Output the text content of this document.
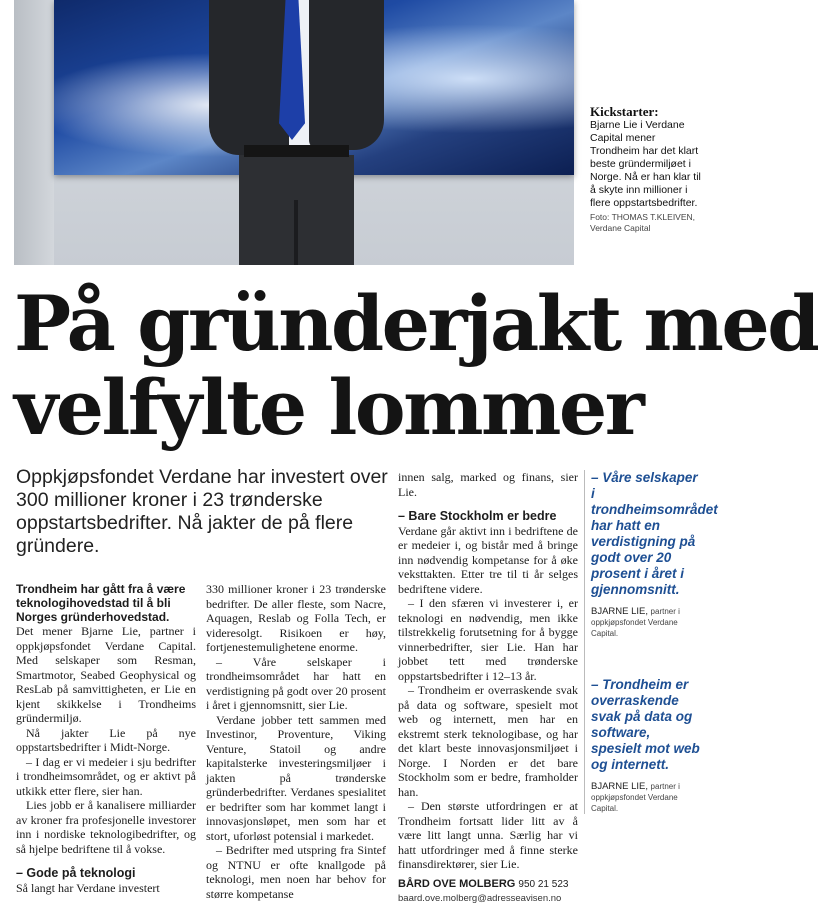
Kickstarter:
Bjarne Lie i Verdane Capital mener Trondheim har det klart beste gründermiljøet i Norge. Nå er han klar til å skyte inn millioner i flere oppstartsbedrifter.
Foto: THOMAS T.KLEIVEN, Verdane Capital
På gründerjakt med
velfylte lommer
Oppkjøpsfondet Verdane har investert over 300 millioner kroner i 23 trønderske oppstartsbedrifter. Nå jakter de på flere gründere.

Trondheim har gått fra å være teknologihovedstad til å bli Norges gründerhovedstad.

Det mener Bjarne Lie, partner i oppkjøpsfondet Verdane Capital. Med selskaper som Resman, Smartmotor, Seabed Geophysical og ResLab på samvittigheten, er Lie en kjent skikkelse i Trondheims gründermiljø.

Nå jakter Lie på nye oppstartsbedrifter i Midt-Norge.

– I dag er vi medeier i sju bedrifter i trondheimsområdet, og er aktivt på utkikk etter flere, sier han.

Lies jobb er å kanalisere milliarder av kroner fra profesjonelle investorer inn i nordiske teknologibedrifter, og så hjelpe bedriftene til å vokse.

– Gode på teknologi

Så langt har Verdane investert

330 millioner kroner i 23 trønderske bedrifter. De aller fleste, som Nacre, Aquagen, Reslab og Folla Tech, er videresolgt. Risikoen er høy, fortjenestemulighetene enorme.

– Våre selskaper i trondheimsområdet har hatt en verdistigning på godt over 20 prosent i året i gjennomsnitt, sier Lie.

Verdane jobber tett sammen med Investinor, Proventure, Viking Venture, Statoil og andre kapitalsterke investeringsmiljøer i jakten på trønderske gründerbedrifter. Verdanes spesialitet er bedrifter som har kommet langt i innovasjonsløpet, men som har et stort, uforløst potensial i markedet.

– Bedrifter med utspring fra Sintef og NTNU er ofte knallgode på teknologi, men noen har behov for større kompetanse

innen salg, marked og finans, sier Lie.

– Bare Stockholm er bedre

Verdane går aktivt inn i bedriftene de er medeier i, og bistår med å bringe inn nødvendig kompetanse for å øke veksttakten. Etter tre til ti år selges bedriftene videre.

– I den sfæren vi investerer i, er teknologi en nødvendig, men ikke tilstrekkelig forutsetning for å bygge vinnerbedrifter, sier Lie. Han har jobbet tett med trønderske oppstartsbedrifter i 12–13 år.

– Trondheim er overraskende svak på data og software, spesielt mot web og internett, men har en ekstremt sterk teknologibase, og har det klart beste innovasjonsmiljøet i Norge. I Norden er det bare Stockholm som er bedre, framholder han.

– Den største utfordringen er at Trondheim fortsatt lider litt av å være litt langt unna. Særlig har vi hatt utfordringer med å finne sterke finansdirektører, sier Lie.

BÅRD OVE MOLBERG 950 21 523
baard.ove.molberg@adresseavisen.no
– Våre selskaper i trondheimsområdet har hatt en verdistigning på godt over 20 prosent i året i gjennomsnitt.
BJARNE LIE, partner i oppkjøpsfondet Verdane Capital.
– Trondheim er overraskende svak på data og software, spesielt mot web og internett.
BJARNE LIE, partner i oppkjøpsfondet Verdane Capital.
